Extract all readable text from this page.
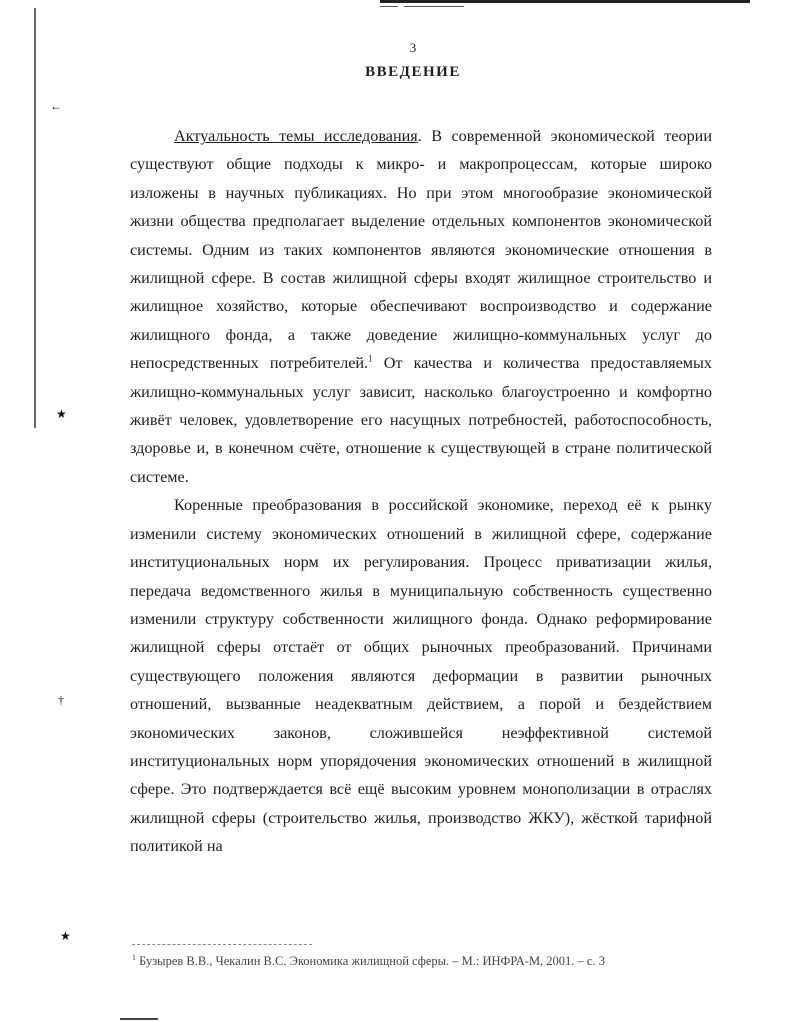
←
★
†
★
3
ВВЕДЕНИЕ

Актуальность темы исследования. В современной экономической теории существуют общие подходы к микро- и макропроцессам, которые широко изложены в научных публикациях. Но при этом многообразие экономической жизни общества предполагает выделение отдельных компонентов экономической системы. Одним из таких компонентов являются экономические отношения в жилищной сфере. В состав жилищной сферы входят жилищное строительство и жилищное хозяйство, которые обеспечивают воспроизводство и содержание жилищного фонда, а также доведение жилищно-коммунальных услуг до непосредственных потребителей.$^1$ От качества и количества предоставляемых жилищно-коммунальных услуг зависит, насколько благоустроенно и комфортно живёт человек, удовлетворение его насущных потребностей, работоспособность, здоровье и, в конечном счёте, отношение к существующей в стране политической системе.

Коренные преобразования в российской экономике, переход её к рынку изменили систему экономических отношений в жилищной сфере, содержание институциональных норм их регулирования. Процесс приватизации жилья, передача ведомственного жилья в муниципальную собственность существенно изменили структуру собственности жилищного фонда. Однако реформирование жилищной сферы отстаёт от общих рыночных преобразований. Причинами существующего положения являются деформации в развитии рыночных отношений, вызванные неадекватным действием, а порой и бездействием экономических законов, сложившейся неэффективной системой институциональных норм упорядочения экономических отношений в жилищной сфере. Это подтверждается всё ещё высоким уровнем монополизации в отраслях жилищной сферы (строительство жилья, производство ЖКУ), жёсткой тарифной политикой на

$^1$ Бузырев В.В., Чекалин В.С. Экономика жилищной сферы. – М.: ИНФРА-М, 2001. – с. 3
